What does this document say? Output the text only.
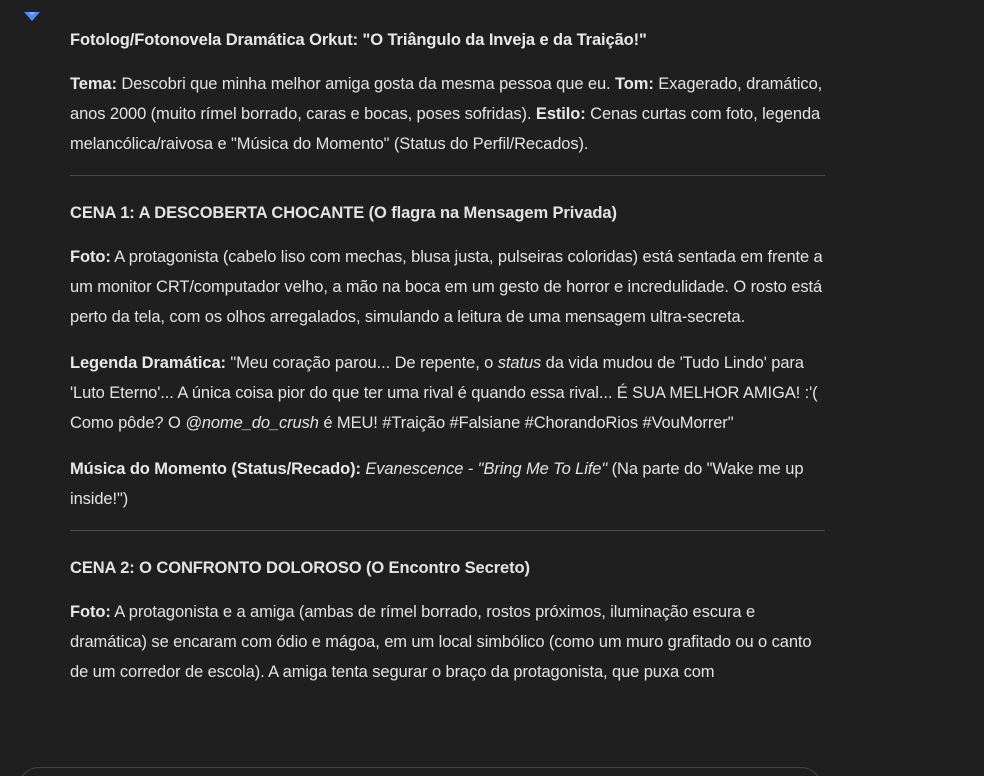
Fotolog/Fotonovela Dramática Orkut: "O Triângulo da Inveja e da Traição!"

Tema: Descobri que minha melhor amiga gosta da mesma pessoa que eu. Tom: Exagerado, dramático, anos 2000 (muito rímel borrado, caras e bocas, poses sofridas). Estilo: Cenas curtas com foto, legenda melancólica/raivosa e "Música do Momento" (Status do Perfil/Recados).

CENA 1: A DESCOBERTA CHOCANTE (O flagra na Mensagem Privada)

Foto: A protagonista (cabelo liso com mechas, blusa justa, pulseiras coloridas) está sentada em frente a um monitor CRT/computador velho, a mão na boca em um gesto de horror e incredulidade. O rosto está perto da tela, com os olhos arregalados, simulando a leitura de uma mensagem ultra-secreta.

Legenda Dramática: "Meu coração parou... De repente, o status da vida mudou de 'Tudo Lindo' para 'Luto Eterno'... A única coisa pior do que ter uma rival é quando essa rival... É SUA MELHOR AMIGA! :'( Como pôde? O @nome_do_crush é MEU! #Traição #Falsiane #ChorandoRios #VouMorrer"

Música do Momento (Status/Recado): Evanescence - "Bring Me To Life" (Na parte do "Wake me up inside!")

CENA 2: O CONFRONTO DOLOROSO (O Encontro Secreto)

Foto: A protagonista e a amiga (ambas de rímel borrado, rostos próximos, iluminação escura e dramática) se encaram com ódio e mágoa, em um local simbólico (como um muro grafitado ou o canto de um corredor de escola). A amiga tenta segurar o braço da protagonista, que puxa com
